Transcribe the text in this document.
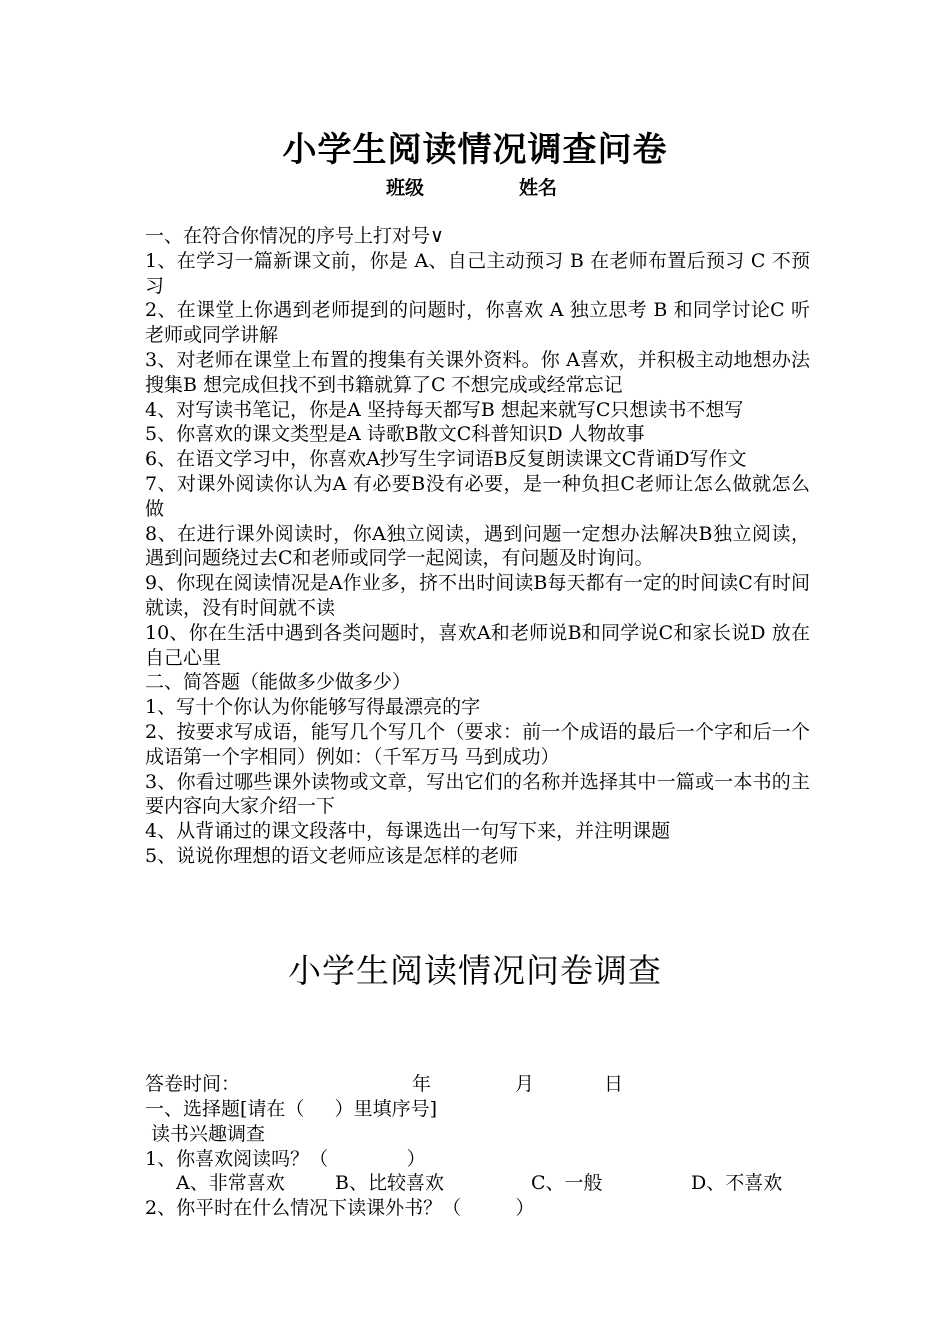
小学生阅读情况调查问卷
班级	姓名

一、在符合你情况的序号上打对号∨

1、在学习一篇新课文前，你是 A、自己主动预习 B 在老师布置后预习 C 不预习

2、在课堂上你遇到老师提到的问题时，你喜欢 A 独立思考 B 和同学讨论C 听老师或同学讲解

3、对老师在课堂上布置的搜集有关课外资料。你 A喜欢，并积极主动地想办法搜集B 想完成但找不到书籍就算了C 不想完成或经常忘记

4、对写读书笔记，你是A 坚持每天都写B 想起来就写C只想读书不想写

5、你喜欢的课文类型是A 诗歌B散文C科普知识D 人物故事

6、在语文学习中，你喜欢A抄写生字词语B反复朗读课文C背诵D写作文

7、对课外阅读你认为A 有必要B没有必要，是一种负担C老师让怎么做就怎么做

8、在进行课外阅读时，你A独立阅读，遇到问题一定想办法解决B独立阅读，遇到问题绕过去C和老师或同学一起阅读，有问题及时询问。

9、你现在阅读情况是A作业多，挤不出时间读B每天都有一定的时间读C有时间就读，没有时间就不读

10、你在生活中遇到各类问题时，喜欢A和老师说B和同学说C和家长说D 放在自己心里

二、简答题（能做多少做多少）

1、写十个你认为你能够写得最漂亮的字

2、按要求写成语，能写几个写几个（要求：前一个成语的最后一个字和后一个成语第一个字相同）例如：（千军万马 马到成功）

3、你看过哪些课外读物或文章，写出它们的名称并选择其中一篇或一本书的主要内容向大家介绍一下

4、从背诵过的课文段落中，每课选出一句写下来，并注明课题

5、说说你理想的语文老师应该是怎样的老师

小学生阅读情况问卷调查
答卷时间：	年	月	日
一、选择题[请在（     ）里填序号]
读书兴趣调查
1、你喜欢阅读吗？（             ）
A、非常喜欢	B、比较喜欢	C、一般	D、不喜欢
2、你平时在什么情况下读课外书？（         ）
